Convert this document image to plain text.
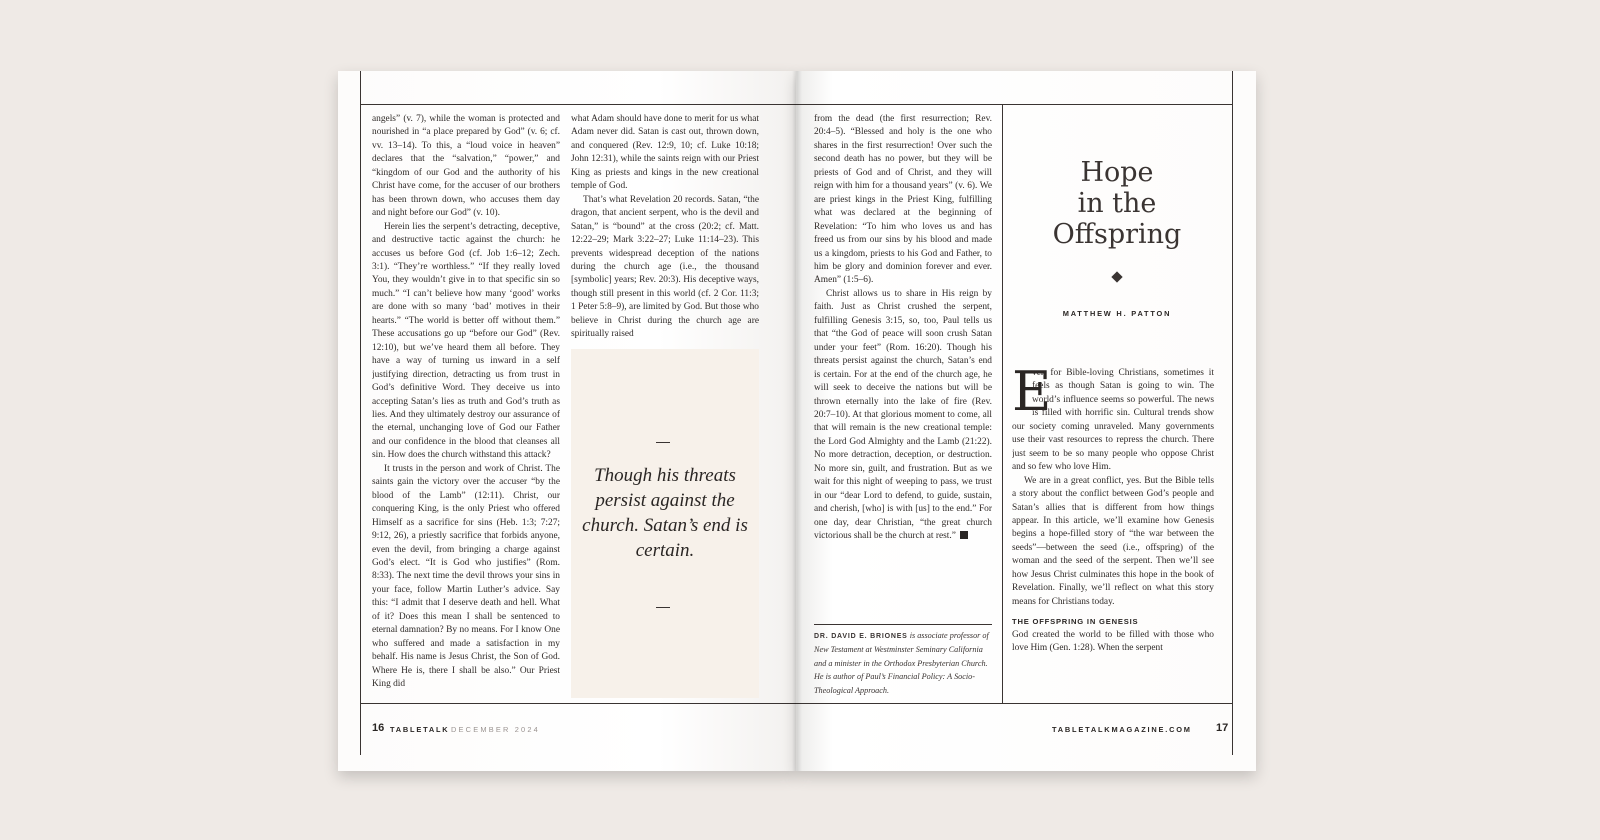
angels” (v. 7), while the woman is protected and nourished in “a place prepared by God” (v. 6; cf. vv. 13–14). To this, a “loud voice in heaven” declares that the “salvation,” “power,” and “kingdom of our God and the authority of his Christ have come, for the accuser of our brothers has been thrown down, who accuses them day and night before our God” (v. 10).

Herein lies the serpent’s detracting, deceptive, and destructive tactic against the church: he accuses us before God (cf. Job 1:6–12; Zech. 3:1). “They’re worthless.” “If they really loved You, they wouldn’t give in to that specific sin so much.” “I can’t believe how many ‘good’ works are done with so many ‘bad’ motives in their hearts.” “The world is better off without them.” These accusations go up “before our God” (Rev. 12:10), but we’ve heard them all before. They have a way of turning us inward in a self justifying direction, detracting us from trust in God’s definitive Word. They deceive us into accepting Satan’s lies as truth and God’s truth as lies. And they ultimately destroy our assurance of the eternal, unchanging love of God our Father and our confidence in the blood that cleanses all sin. How does the church withstand this attack?

It trusts in the person and work of Christ. The saints gain the victory over the accuser “by the blood of the Lamb” (12:11). Christ, our conquering King, is the only Priest who offered Himself as a sacrifice for sins (Heb. 1:3; 7:27; 9:12, 26), a priestly sacrifice that forbids anyone, even the devil, from bringing a charge against God’s elect. “It is God who justifies” (Rom. 8:33). The next time the devil throws your sins in your face, follow Martin Luther’s advice. Say this: “I admit that I deserve death and hell. What of it? Does this mean I shall be sentenced to eternal damnation? By no means. For I know One who suffered and made a satisfaction in my behalf. His name is Jesus Christ, the Son of God. Where He is, there I shall be also.” Our Priest King did

what Adam should have done to merit for us what Adam never did. Satan is cast out, thrown down, and conquered (Rev. 12:9, 10; cf. Luke 10:18; John 12:31), while the saints reign with our Priest King as priests and kings in the new creational temple of God.

That’s what Revelation 20 records. Satan, “the dragon, that ancient serpent, who is the devil and Satan,” is “bound” at the cross (20:2; cf. Matt. 12:22–29; Mark 3:22–27; Luke 11:14–23). This prevents widespread deception of the nations during the church age (i.e., the thousand [symbolic] years; Rev. 20:3). His deceptive ways, though still present in this world (cf. 2 Cor. 11:3; 1 Peter 5:8–9), are limited by God. But those who believe in Christ during the church age are spiritually raised

Though his threats persist against the church. Satan’s end is certain.
16 TABLETALK DECEMBER 2024

from the dead (the first resurrection; Rev. 20:4–5). “Blessed and holy is the one who shares in the first resurrection! Over such the second death has no power, but they will be priests of God and of Christ, and they will reign with him for a thousand years” (v. 6). We are priest kings in the Priest King, fulfilling what was declared at the beginning of Revelation: “To him who loves us and has freed us from our sins by his blood and made us a kingdom, priests to his God and Father, to him be glory and dominion forever and ever. Amen” (1:5–6).

Christ allows us to share in His reign by faith. Just as Christ crushed the serpent, fulfilling Genesis 3:15, so, too, Paul tells us that “the God of peace will soon crush Satan under your feet” (Rom. 16:20). Though his threats persist against the church, Satan’s end is certain. For at the end of the church age, he will seek to deceive the nations but will be thrown eternally into the lake of fire (Rev. 20:7–10). At that glorious moment to come, all that will remain is the new creational temple: the Lord God Almighty and the Lamb (21:22). No more detraction, deception, or destruction. No more sin, guilt, and frustration. But as we wait for this night of weeping to pass, we trust in our “dear Lord to defend, to guide, sustain, and cherish, [who] is with [us] to the end.” For one day, dear Christian, “the great church victorious shall be the church at rest.”

DR. DAVID E. BRIONES is associate professor of New Testament at Westminster Seminary California and a minister in the Orthodox Presbyterian Church. He is author of Paul’s Financial Policy: A Socio-Theological Approach.
Hope
in the
Offspring
MATTHEW H. PATTON
E

ven for Bible-loving Christians, sometimes it feels as though Satan is going to win. The world’s influence seems so powerful. The news is filled with horrific sin. Cultural trends show our society coming unraveled. Many governments use their vast resources to repress the church. There just seem to be so many people who oppose Christ and so few who love Him.

We are in a great conflict, yes. But the Bible tells a story about the conflict between God’s people and Satan’s allies that is different from how things appear. In this article, we’ll examine how Genesis begins a hope-filled story of “the war between the seeds”—between the seed (i.e., offspring) of the woman and the seed of the serpent. Then we’ll see how Jesus Christ culminates this hope in the book of Revelation. Finally, we’ll reflect on what this story means for Christians today.

THE OFFSPRING IN GENESIS

God created the world to be filled with those who love Him (Gen. 1:28). When the serpent

TABLETALKMAGAZINE.COM 17
